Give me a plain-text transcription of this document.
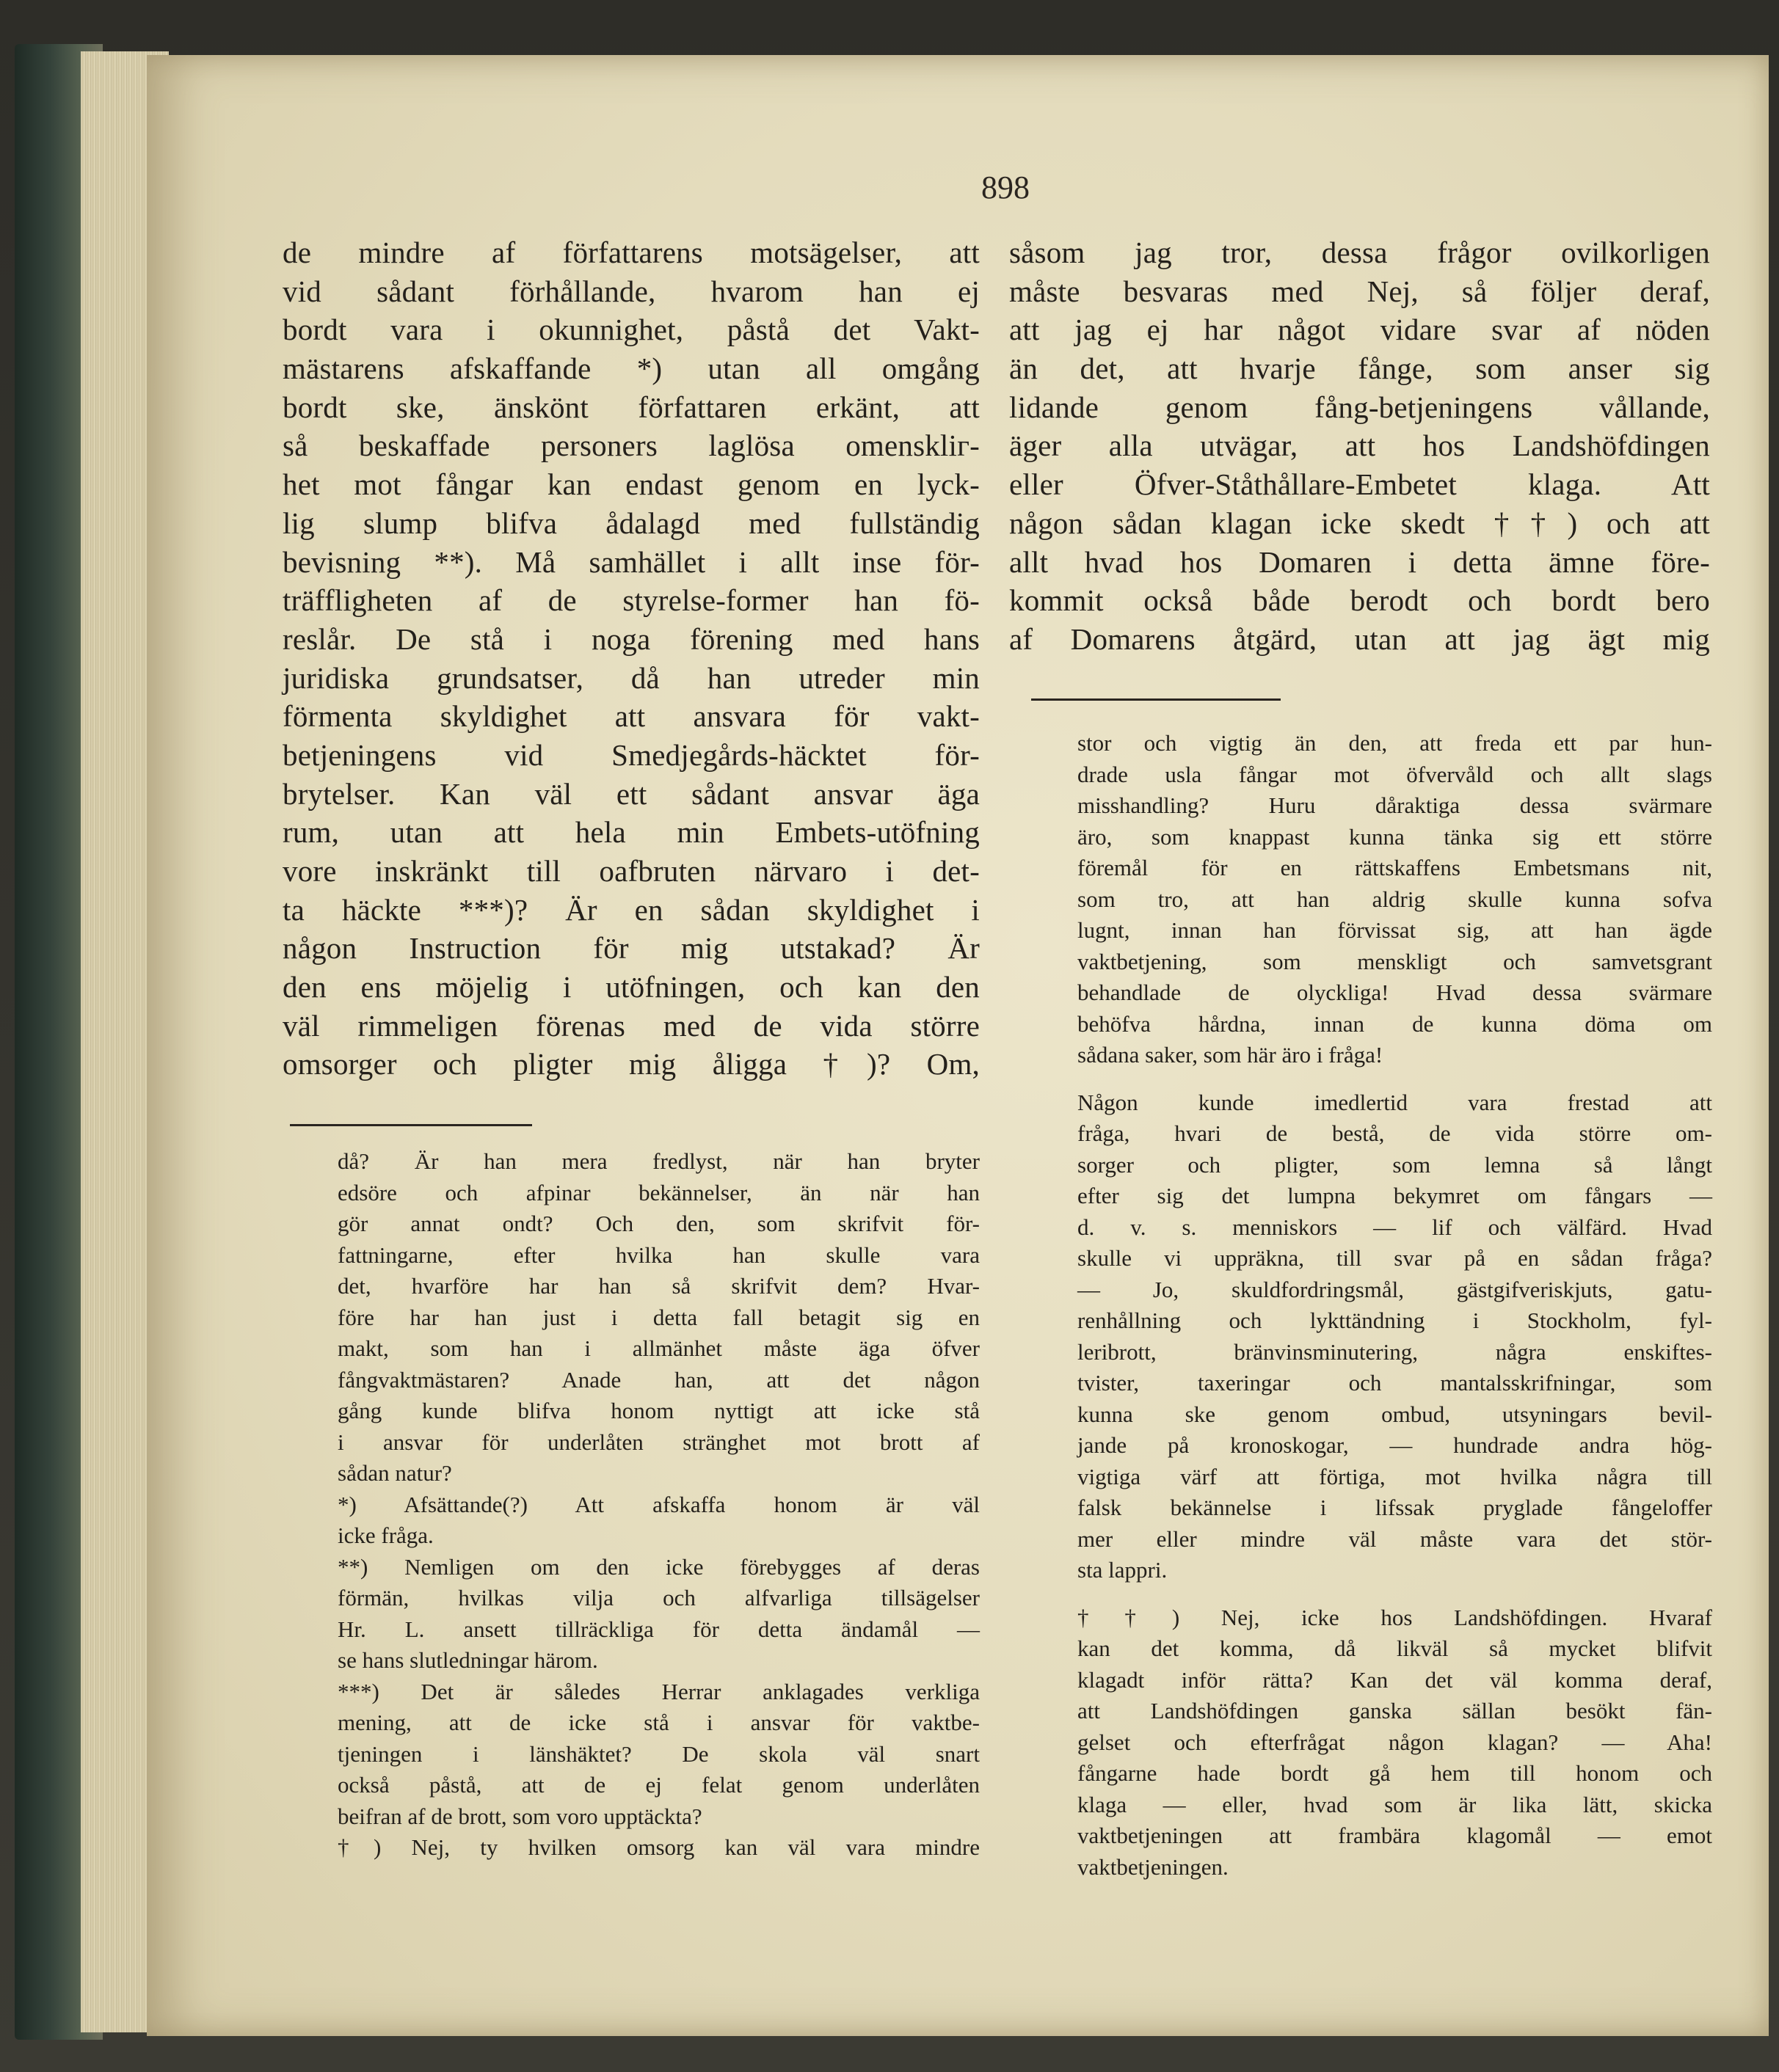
898

de mindre af författarens motsägelser, att

vid sådant förhållande, hvarom han ej

bordt vara i okunnighet, påstå det Vakt-

mästarens afskaffande *) utan all omgång

bordt ske, änskönt författaren erkänt, att

så beskaffade personers laglösa omenskliг-

het mot fångar kan endast genom en lyck-

lig slump blifva ådalagd med fullständig

bevisning **). Må samhället i allt inse för-

träffligheten af de styrelse-former han fö-

reslår. De stå i noga förening med hans

juridiska grundsatser, då han utreder min

förmenta skyldighet att ansvara för vakt-

betjeningens vid Smedjegårds-häcktet för-

brytelser. Kan väl ett sådant ansvar äga

rum, utan att hela min Embets-utöfning

vore inskränkt till oafbruten närvaro i det-

ta häckte ***)? Är en sådan skyldighet i

någon Instruction för mig utstakad? Är

den ens möjelig i utöfningen, och kan den

väl rimmeligen förenas med de vida större

omsorger och pligter mig åligga †)? Om,

såsom jag tror, dessa frågor ovilkorligen

måste besvaras med Nej, så följer deraf,

att jag ej har något vidare svar af nöden

än det, att hvarje fånge, som anser sig

lidande genom fång-betjeningens vållande,

äger alla utvägar, att hos Landshöfdingen

eller Öfver-Ståthållare-Embetet klaga. Att

någon sådan klagan icke skedt ††) och att

allt hvad hos Domaren i detta ämne före-

kommit också både berodt och bordt bero

af Domarens åtgärd, utan att jag ägt mig

då? Är han mera fredlyst, när han bryter

edsöre och afpinar bekännelser, än när han

gör annat ondt? Och den, som skrifvit för-

fattningarne, efter hvilka han skulle vara

det, hvarföre har han så skrifvit dem? Hvar-

före har han just i detta fall betagit sig en

makt, som han i allmänhet måste äga öfver

fångvaktmästaren? Anade han, att det någon

gång kunde blifva honom nyttigt att icke stå

i ansvar för underlåten stränghet mot brott af

sådan natur?

*) Afsättande(?) Att afskaffa honom är väl

icke fråga.

**) Nemligen om den icke förebygges af deras

förmän, hvilkas vilja och alfvarliga tillsägelser

Hr. L. ansett tillräckliga för detta ändamål —

se hans slutledningar härom.

***) Det är således Herrar anklagades verkliga

mening, att de icke stå i ansvar för vaktbe-

tjeningen i länshäktet? De skola väl snart

också påstå, att de ej felat genom underlåten

beifran af de brott, som voro upptäckta?

†) Nej, ty hvilken omsorg kan väl vara mindre

stor och vigtig än den, att freda ett par hun-

drade usla fångar mot öfvervåld och allt slags

misshandling? Huru dåraktiga dessa svärmare

äro, som knappast kunna tänka sig ett större

föremål för en rättskaffens Embetsmans nit,

som tro, att han aldrig skulle kunna sofva

lugnt, innan han förvissat sig, att han ägde

vaktbetjening, som menskligt och samvetsgrant

behandlade de olyckliga! Hvad dessa svärmare

behöfva hårdna, innan de kunna döma om

sådana saker, som här äro i fråga!

Någon kunde imedlertid vara frestad att

fråga, hvari de bestå, de vida större om-

sorger och pligter, som lemna så långt

efter sig det lumpna bekymret om fångars —

d. v. s. menniskors — lif och välfärd. Hvad

skulle vi uppräkna, till svar på en sådan fråga?

— Jo, skuldfordringsmål, gästgifveriskjuts, gatu-

renhållning och lykttändning i Stockholm, fyl-

leribrott, bränvinsminutering, några enskiftes-

tvister, taxeringar och mantalsskrifningar, som

kunna ske genom ombud, utsyningars bevil-

jande på kronoskogar, — hundrade andra hög-

vigtiga värf att förtiga, mot hvilka några till

falsk bekännelse i lifssak pryglade fångeloffer

mer eller mindre väl måste vara det stör-

sta lappri.

††) Nej, icke hos Landshöfdingen. Hvaraf

kan det komma, då likväl så mycket blifvit

klagadt inför rätta? Kan det väl komma deraf,

att Landshöfdingen ganska sällan besökt fän-

gelset och efterfrågat någon klagan? — Aha!

fångarne hade bordt gå hem till honom och

klaga — eller, hvad som är lika lätt, skicka

vaktbetjeningen att frambära klagomål — emot

vaktbetjeningen.
